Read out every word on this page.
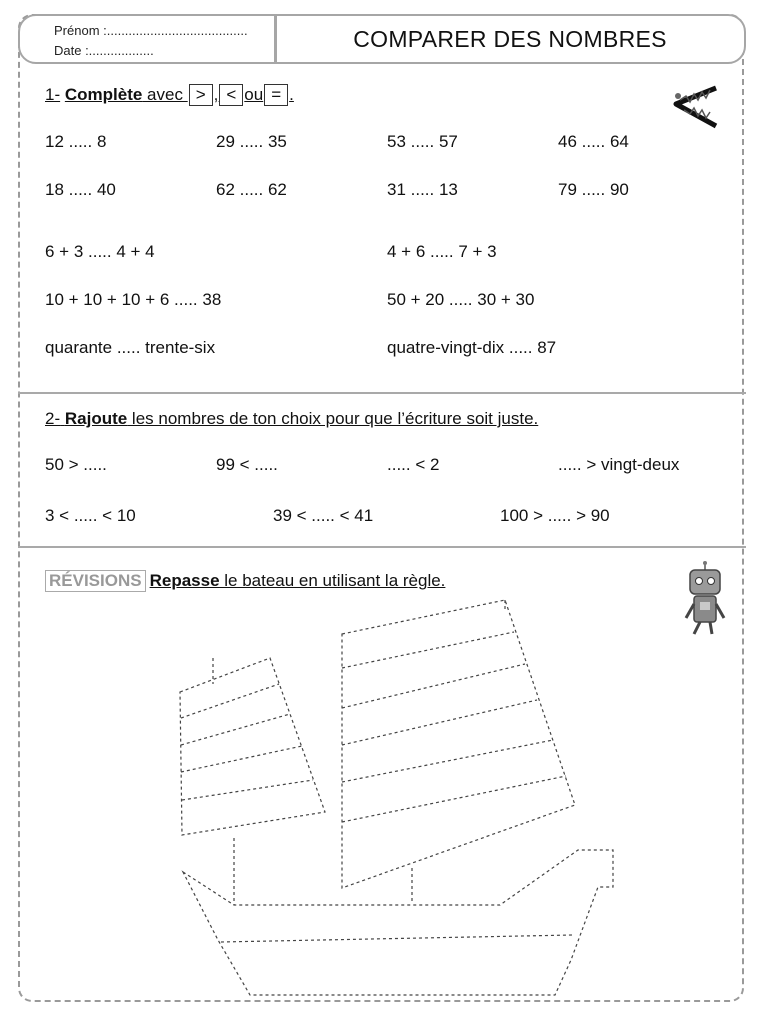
Prénom :.......................................
Date :..................	COMPARER DES NOMBRES
1- Complète avec > , < ou = .
12 ..... 8	29 ..... 35	53 ..... 57	46 ..... 64
18 ..... 40	62 ..... 62	31 ..... 13	79 ..... 90
6 + 3 ..... 4 + 4	4 + 6 ..... 7 + 3
10 + 10 + 10 + 6 ..... 38	50 + 20 ..... 30 + 30
quarante ..... trente-six	quatre-vingt-dix ..... 87
2- Rajoute les nombres de ton choix pour que l’écriture soit juste.
50 > .....	99 < .....	..... < 2	..... > vingt-deux
3 < ..... < 10	39 < ..... < 41	100 > ..... > 90
RÉVISIONS Repasse le bateau en utilisant la règle.
